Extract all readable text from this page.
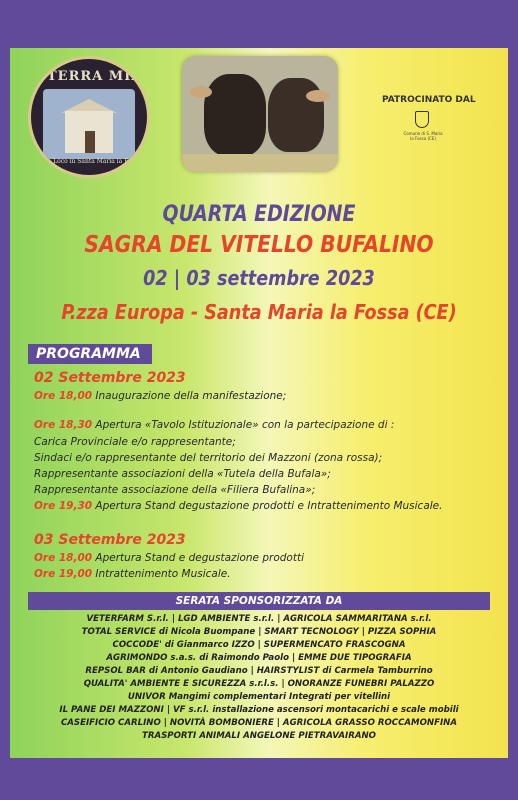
TERRA MIA
Pro Loco in Santa Maria la Fossa
PATROCINATO DAL
Comune di S. Maria la Fossa (CE)
QUARTA EDIZIONE
SAGRA DEL VITELLO BUFALINO
02 | 03 settembre 2023
P.zza Europa - Santa Maria la Fossa (CE)
PROGRAMMA
02 Settembre 2023
Ore 18,00 Inaugurazione della manifestazione;
Ore 18,30 Apertura «Tavolo Istituzionale» con la partecipazione di :
Carica Provinciale e/o rappresentante;
Sindaci e/o rappresentante del territorio dei Mazzoni (zona rossa);
Rappresentante associazioni della «Tutela della Bufala»;
Rappresentante associazione della «Filiera Bufalina»;
Ore 19,30 Apertura Stand degustazione prodotti e Intrattenimento Musicale.
03 Settembre 2023
Ore 18,00 Apertura Stand e degustazione prodotti
Ore 19,00 Intrattenimento Musicale.
SERATA SPONSORIZZATA DA
VETERFARM S.r.l. | LGD AMBIENTE s.r.l. | AGRICOLA SAMMARITANA s.r.l.
TOTAL SERVICE di Nicola Buompane | SMART TECNOLOGY | PIZZA SOPHIA
COCCODE' di Gianmarco IZZO | SUPERMENCATO FRASCOGNA
AGRIMONDO s.a.s. di Raimondo Paolo | EMME DUE TIPOGRAFIA
REPSOL BAR di Antonio Gaudiano | HAIRSTYLIST di Carmela Tamburrino
QUALITA' AMBIENTE E SICUREZZA s.r.l.s. | ONORANZE FUNEBRI PALAZZO
UNIVOR Mangimi complementari Integrati per vitellini
IL PANE DEI MAZZONI | VF s.r.l. installazione ascensori montacarichi e scale mobili
CASEIFICIO CARLINO | NOVITÀ BOMBONIERE | AGRICOLA GRASSO ROCCAMONFINA
TRASPORTI ANIMALI ANGELONE PIETRAVAIRANO
